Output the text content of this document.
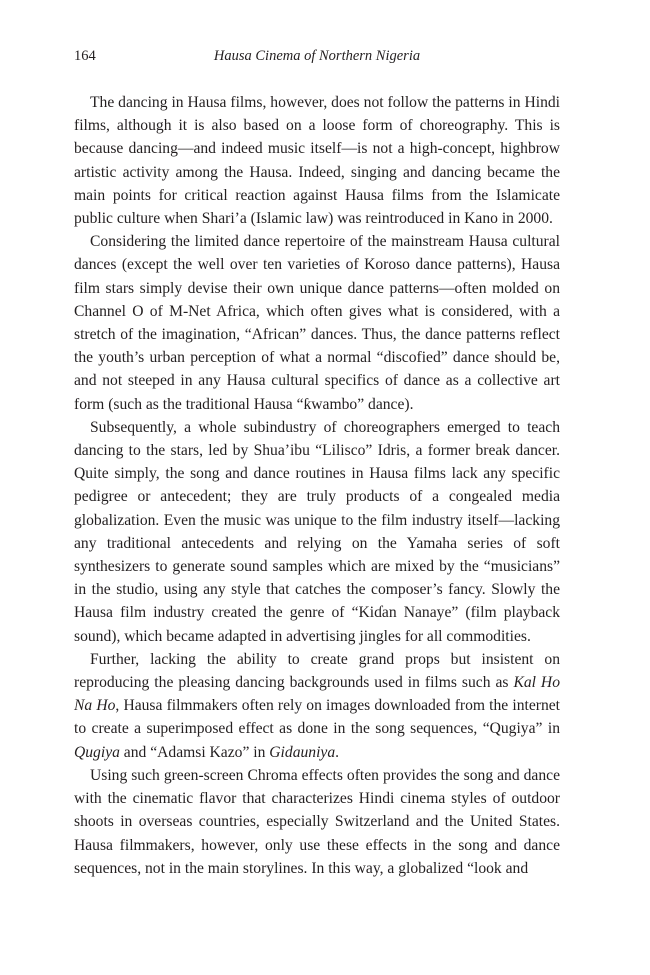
164	Hausa Cinema of Northern Nigeria

The dancing in Hausa films, however, does not follow the patterns in Hindi films, although it is also based on a loose form of choreography. This is because dancing—and indeed music itself—is not a high-concept, highbrow artistic activity among the Hausa. Indeed, singing and dancing became the main points for critical reaction against Hausa films from the Islamicate public culture when Shari’a (Islamic law) was reintroduced in Kano in 2000.

Considering the limited dance repertoire of the mainstream Hausa cultural dances (except the well over ten varieties of Koroso dance patterns), Hausa film stars simply devise their own unique dance patterns—often molded on Channel O of M-Net Africa, which often gives what is considered, with a stretch of the imagination, “African” dances. Thus, the dance patterns reflect the youth’s urban perception of what a normal “discofied” dance should be, and not steeped in any Hausa cultural specifics of dance as a collective art form (such as the traditional Hausa “ƙwambo” dance).

Subsequently, a whole subindustry of choreographers emerged to teach dancing to the stars, led by Shua’ibu “Lilisco” Idris, a former break dancer. Quite simply, the song and dance routines in Hausa films lack any specific pedigree or antecedent; they are truly products of a congealed media globalization. Even the music was unique to the film industry itself—lacking any traditional antecedents and relying on the Yamaha series of soft synthesizers to generate sound samples which are mixed by the “musicians” in the studio, using any style that catches the composer’s fancy. Slowly the Hausa film industry created the genre of “Kiɗan Nanaye” (film playback sound), which became adapted in advertising jingles for all commodities.

Further, lacking the ability to create grand props but insistent on reproducing the pleasing dancing backgrounds used in films such as Kal Ho Na Ho, Hausa filmmakers often rely on images downloaded from the internet to create a superimposed effect as done in the song sequences, “Qugiya” in Qugiya and “Adamsi Kazo” in Gidauniya.

Using such green-screen Chroma effects often provides the song and dance with the cinematic flavor that characterizes Hindi cinema styles of outdoor shoots in overseas countries, especially Switzerland and the United States. Hausa filmmakers, however, only use these effects in the song and dance sequences, not in the main storylines. In this way, a globalized “look and
